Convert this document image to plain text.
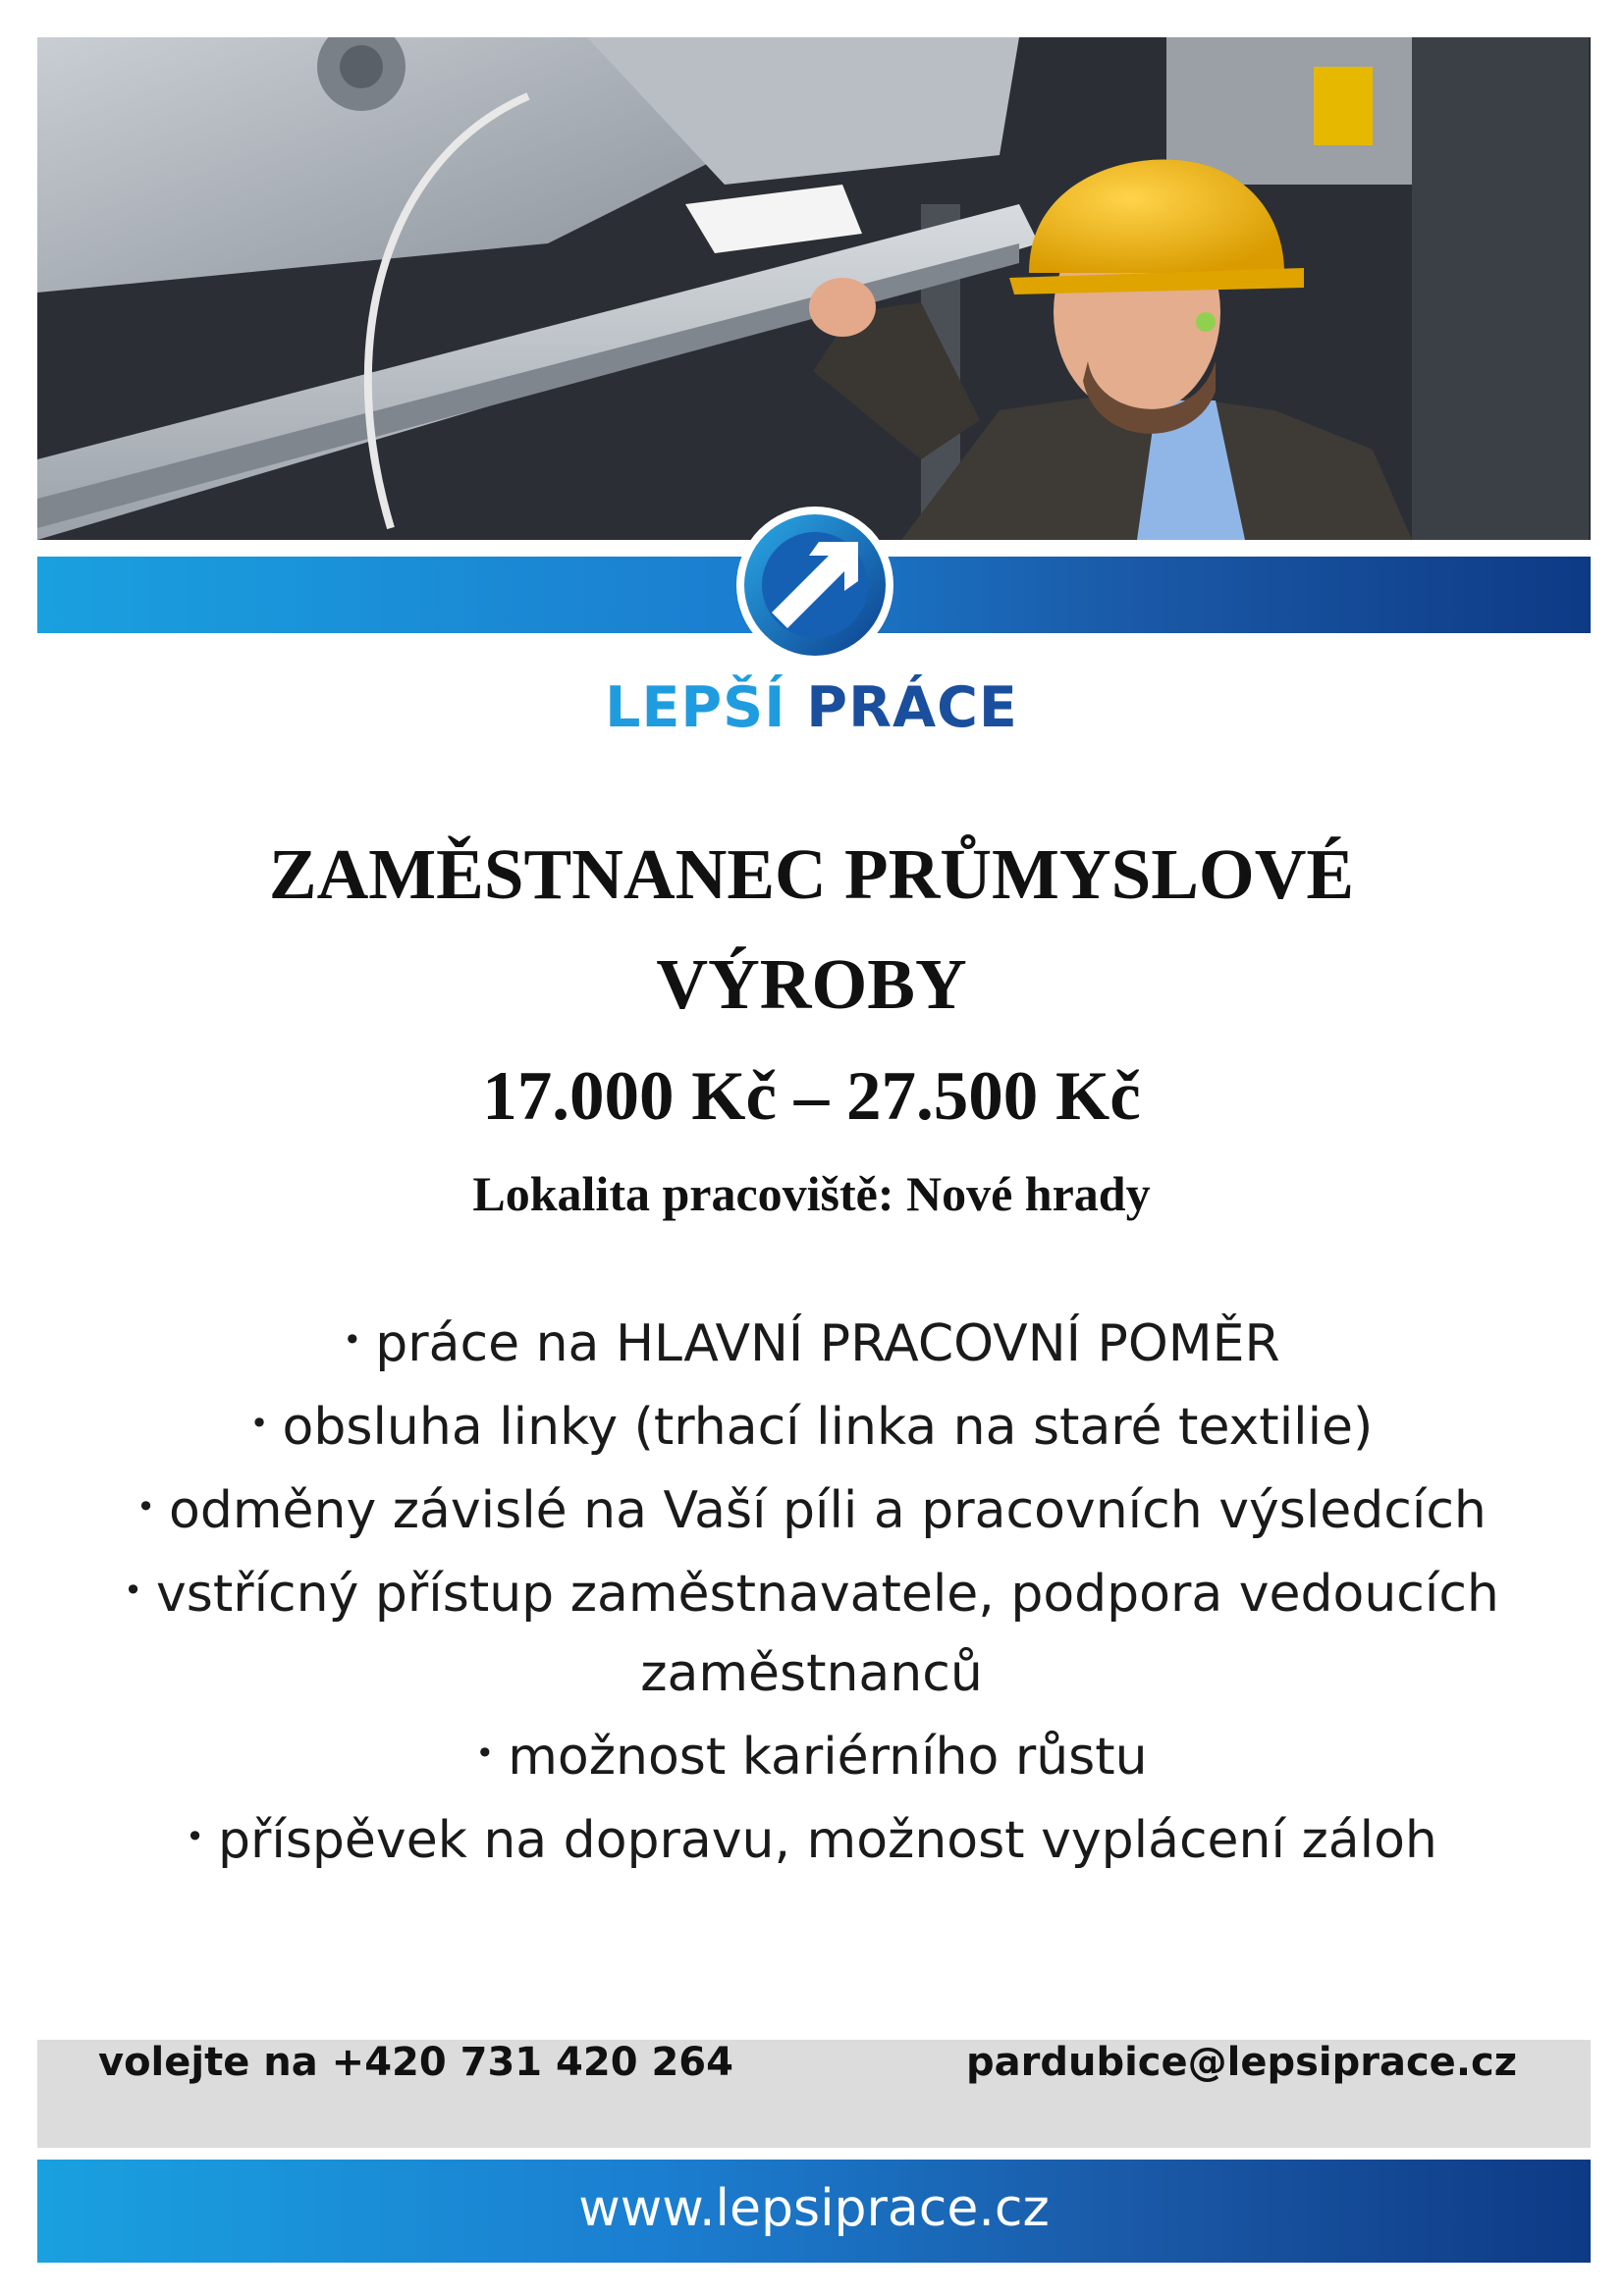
LEPŠÍ PRÁCE
ZAMĚSTNANEC PRŮMYSLOVÉ
VÝROBY
17.000 Kč – 27.500 Kč
Lokalita pracoviště: Nové hrady

• práce na HLAVNÍ PRACOVNÍ POMĚR

• obsluha linky (trhací linka na staré textilie)

• odměny závislé na Vaší píli a pracovních výsledcích

• vstřícný přístup zaměstnavatele, podpora vedoucích zaměstnanců

• možnost kariérního růstu

• příspěvek na dopravu, možnost vyplácení záloh

volejte na +420 731 420 264	pardubice@lepsiprace.cz
www.lepsiprace.cz
